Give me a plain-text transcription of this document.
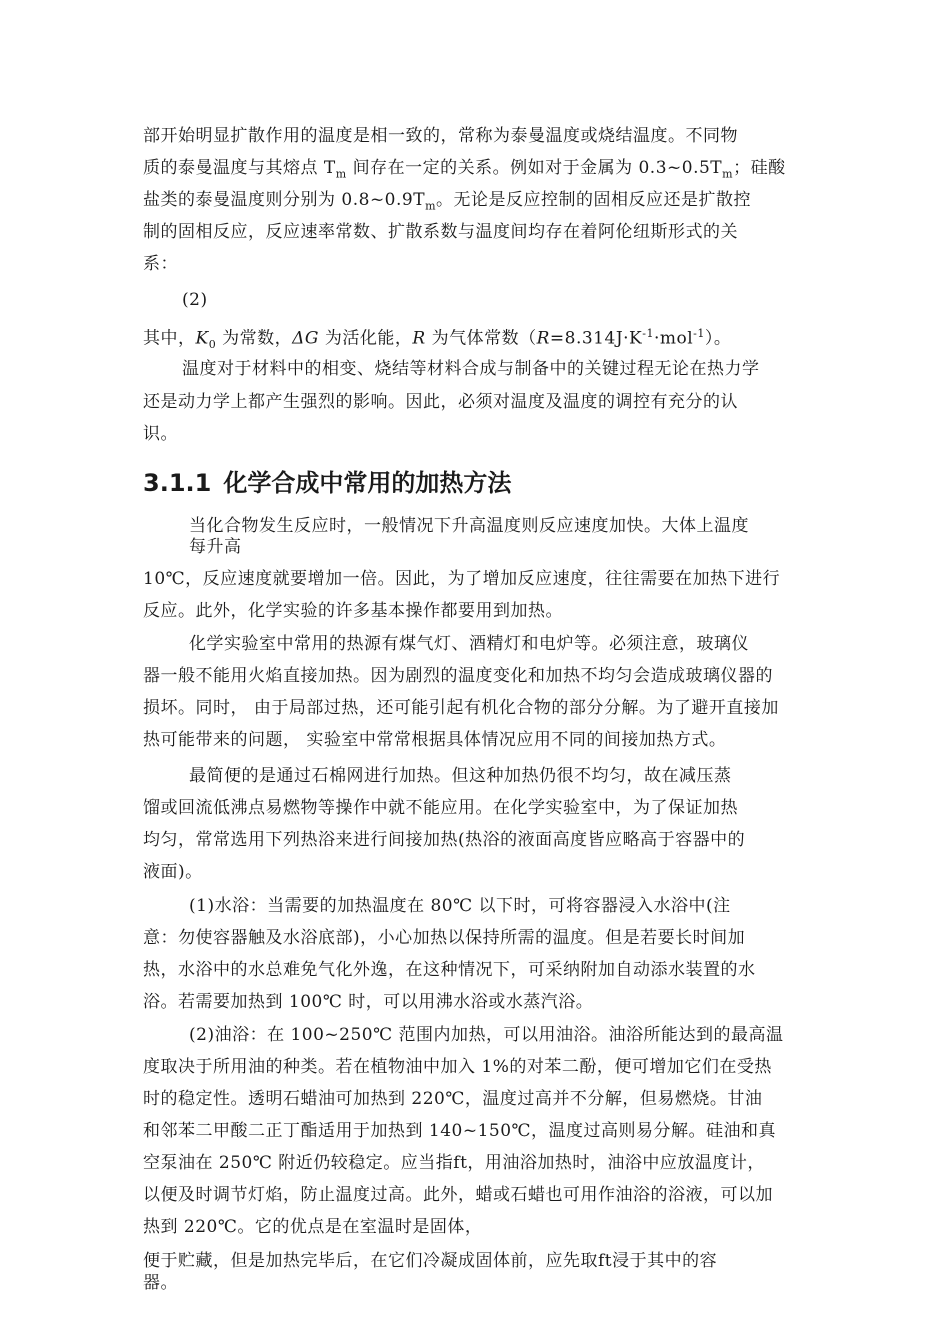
部开始明显扩散作用的温度是相一致的，常称为泰曼温度或烧结温度。不同物
质的泰曼温度与其熔点 $T_m$ 间存在一定的关系。例如对于金属为 $0.3\sim 0.5T_m$；硅酸
盐类的泰曼温度则分别为 $0.8\sim 0.9T_m$。无论是反应控制的固相反应还是扩散控
制的固相反应，反应速率常数、扩散系数与温度间均存在着阿伦纽斯形式的关
系：
(2)
其中，$K_0$ 为常数，ΔG 为活化能，R 为气体常数$(R=8.314J\cdot K^{-1}\cdot mol^{-1})$。
温度对于材料中的相变、烧结等材料合成与制备中的关键过程无论在热力学
还是动力学上都产生强烈的影响。因此，必须对温度及温度的调控有充分的认
识。
3.1.1 化学合成中常用的加热方法
当化合物发生反应时，一般情况下升高温度则反应速度加快。大体上温度
每升高
10℃，反应速度就要增加一倍。因此，为了增加反应速度，往往需要在加热下进行
反应。此外，化学实验的许多基本操作都要用到加热。
化学实验室中常用的热源有煤气灯、酒精灯和电炉等。必须注意，玻璃仪
器一般不能用火焰直接加热。因为剧烈的温度变化和加热不均匀会造成玻璃仪器的
损坏。同时， 由于局部过热，还可能引起有机化合物的部分分解。为了避开直接加
热可能带来的问题， 实验室中常常根据具体情况应用不同的间接加热方式。
最简便的是通过石棉网进行加热。但这种加热仍很不均匀，故在减压蒸
馏或回流低沸点易燃物等操作中就不能应用。在化学实验室中，为了保证加热
均匀，常常选用下列热浴来进行间接加热(热浴的液面高度皆应略高于容器中的
液面)。
(1)水浴：当需要的加热温度在 80℃ 以下时，可将容器浸入水浴中(注
意：勿使容器触及水浴底部)，小心加热以保持所需的温度。但是若要长时间加
热，水浴中的水总难免气化外逸，在这种情况下，可采纳附加自动添水装置的水
浴。若需要加热到 100℃ 时，可以用沸水浴或水蒸汽浴。
(2)油浴：在 100~250℃ 范围内加热，可以用油浴。油浴所能达到的最高温
度取决于所用油的种类。若在植物油中加入 1%的对苯二酚，便可增加它们在受热
时的稳定性。透明石蜡油可加热到 220℃，温度过高并不分解，但易燃烧。甘油
和邻苯二甲酸二正丁酯适用于加热到 140~150℃，温度过高则易分解。硅油和真
空泵油在 250℃ 附近仍较稳定。应当指ft，用油浴加热时，油浴中应放温度计，
以便及时调节灯焰，防止温度过高。此外，蜡或石蜡也可用作油浴的浴液，可以加
热到 220℃。它的优点是在室温时是固体，
便于贮藏，但是加热完毕后，在它们冷凝成固体前，应先取ft浸于其中的容
器。
